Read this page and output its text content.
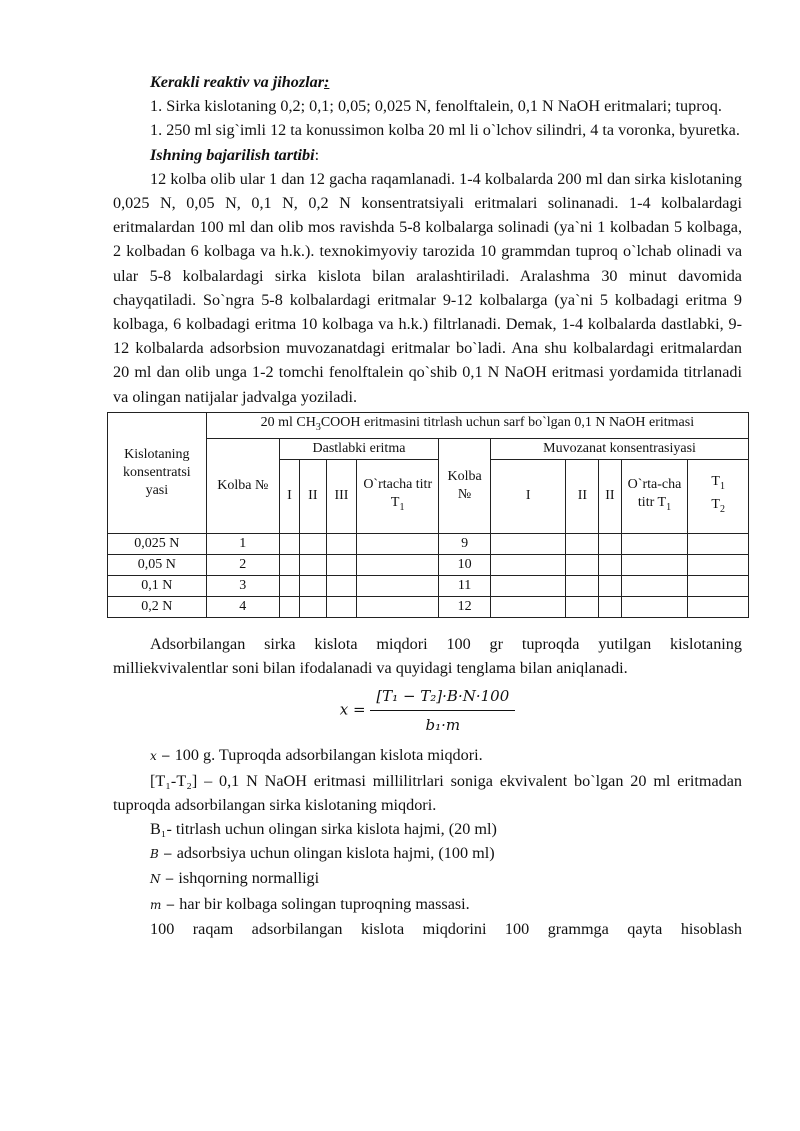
Kerakli reaktiv va jihozlar:

1. Sirka kislotaning 0,2; 0,1; 0,05; 0,025 N, fenolftalein, 0,1 N NaOH eritmalari; tuproq.

1. 250 ml sig`imli 12 ta konussimon kolba 20 ml li o`lchov silindri, 4 ta voronka, byuretka.

Ishning bajarilish tartibi:

12 kolba olib ular 1 dan 12 gacha raqamlanadi. 1-4 kolbalarda 200 ml dan sirka kislotaning 0,025 N, 0,05 N, 0,1 N, 0,2 N konsentratsiyali eritmalari solinanadi. 1-4 kolbalardagi eritmalardan 100 ml dan olib mos ravishda 5-8 kolbalarga solinadi (ya`ni 1 kolbadan 5 kolbaga, 2 kolbadan 6 kolbaga va h.k.). texnokimyoviy tarozida 10 grammdan tuproq o`lchab olinadi va ular 5-8 kolbalardagi sirka kislota bilan aralashtiriladi. Aralashma 30 minut davomida chayqatiladi. So`ngra 5-8 kolbalardagi eritmalar 9-12 kolbalarga (ya`ni 5 kolbadagi eritma 9 kolbaga, 6 kolbadagi eritma 10 kolbaga va h.k.) filtrlanadi. Demak, 1-4 kolbalarda dastlabki, 9-12 kolbalarda adsorbsion muvozanatdagi eritmalar bo`ladi. Ana shu kolbalardagi eritmalardan 20 ml dan olib unga 1-2 tomchi fenolftalein qo`shib 0,1 N NaOH eritmasi yordamida titrlanadi va olingan natijalar jadvalga yoziladi.

Kislotaning konsentratsi yasi	20 ml $CH_3COOH$ eritmasini titrlash uchun sarf bo`lgan 0,1 N NaOH eritmasi										
	Kolba №	Dastlabki eritma				Kolba №	Muvozanat konsentrasiyasi				
		I	II	III	O`rtacha titr $T_1$		I	II	II	O`rta-cha titr $T_1$	$T_1$
$T_2$
0,025 N	1					9					
0,05 N	2					10					
0,1 N	3					11					
0,2 N	4					12					

Adsorbilangan sirka kislota miqdori 100 gr tuproqda yutilgan kislotaning milliekvivalentlar soni bilan ifodalanadi va quyidagi tenglama bilan aniqlanadi.

$x = \frac{\text{[T₁ − T₂]·B·N·100}}{\text{b₁·m}}$

x − 100 g. Tuproqda adsorbilangan kislota miqdori.

[T₁-T₂] – 0,1 N NaOH eritmasi millilitrlari soniga ekvivalent bo`lgan 20 ml eritmadan tuproqda adsorbilangan sirka kislotaning miqdori.

B₁- titrlash uchun olingan sirka kislota hajmi, (20 ml)

B − adsorbsiya uchun olingan kislota hajmi, (100 ml)

N − ishqorning normalligi

m − har bir kolbaga solingan tuproqning massasi.

100 raqam adsorbilangan kislota miqdorini 100 grammga qayta hisoblash
